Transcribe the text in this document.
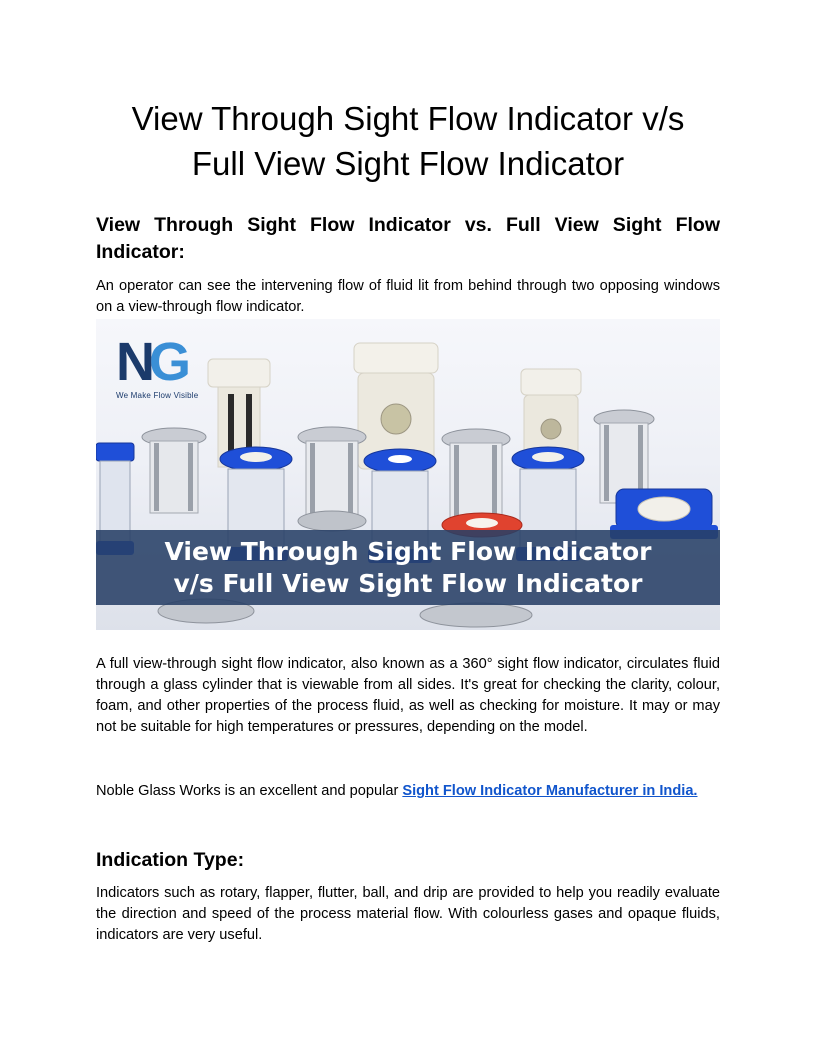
View Through Sight Flow Indicator v/s
Full View Sight Flow Indicator
View Through Sight Flow Indicator vs. Full View Sight Flow Indicator:

An operator can see the intervening flow of fluid lit from behind through two opposing windows on a view-through flow indicator.

NG
We Make Flow Visible
View Through Sight Flow Indicator
v/s Full View Sight Flow Indicator

A full view-through sight flow indicator, also known as a 360° sight flow indicator, circulates fluid through a glass cylinder that is viewable from all sides. It's great for checking the clarity, colour, foam, and other properties of the process fluid, as well as checking for moisture. It may or may not be suitable for high temperatures or pressures, depending on the model.

Noble Glass Works is an excellent and popular Sight Flow Indicator Manufacturer in India.

Indication Type:

Indicators such as rotary, flapper, flutter, ball, and drip are provided to help you readily evaluate the direction and speed of the process material flow. With colourless gases and opaque fluids, indicators are very useful.
